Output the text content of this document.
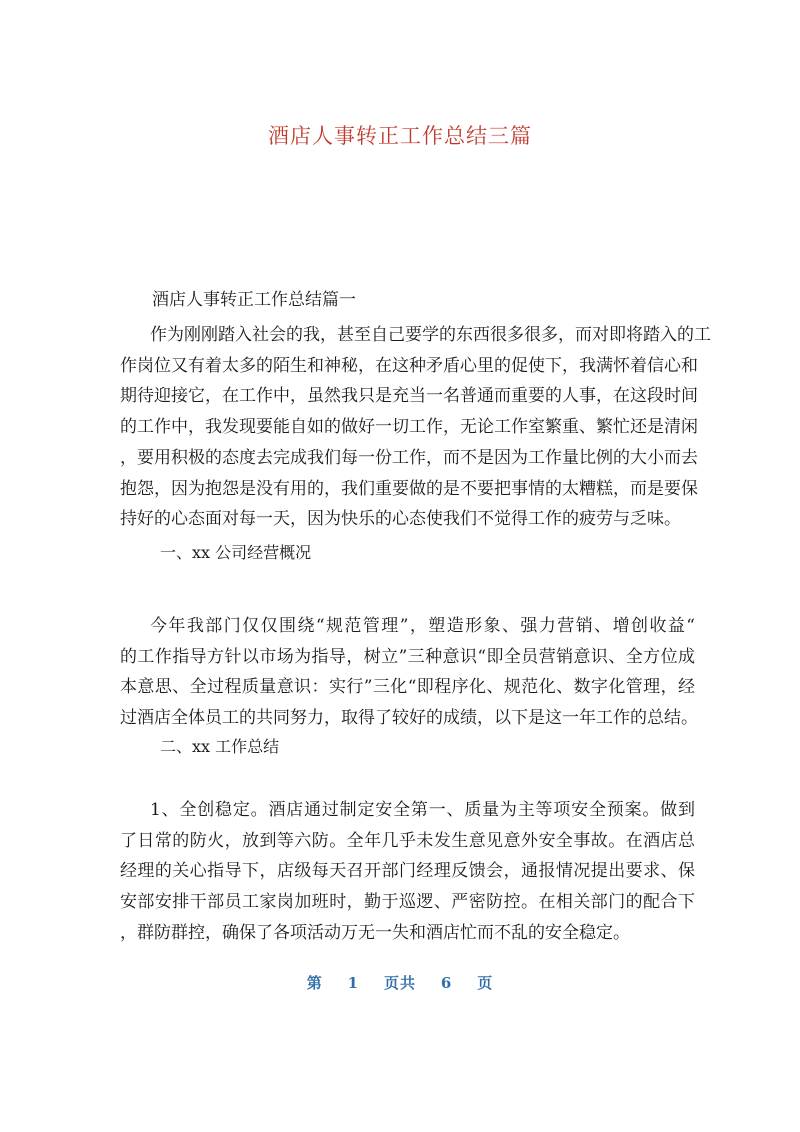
酒店人事转正工作总结三篇
酒店人事转正工作总结篇一
作为刚刚踏入社会的我，甚至自己要学的东西很多很多，而对即将踏入的工
作岗位又有着太多的陌生和神秘，在这种矛盾心里的促使下，我满怀着信心和
期待迎接它，在工作中，虽然我只是充当一名普通而重要的人事，在这段时间
的工作中，我发现要能自如的做好一切工作，无论工作室繁重、繁忙还是清闲
，要用积极的态度去完成我们每一份工作，而不是因为工作量比例的大小而去
抱怨，因为抱怨是没有用的，我们重要做的是不要把事情的太糟糕，而是要保
持好的心态面对每一天，因为快乐的心态使我们不觉得工作的疲劳与乏味。
一、xx 公司经营概况
今年我部门仅仅围绕“规范管理”，塑造形象、强力营销、增创收益“
的工作指导方针以市场为指导，树立”三种意识“即全员营销意识、全方位成
本意思、全过程质量意识：实行”三化“即程序化、规范化、数字化管理，经
过酒店全体员工的共同努力，取得了较好的成绩，以下是这一年工作的总结。
二、xx 工作总结
1、全创稳定。酒店通过制定安全第一、质量为主等项安全预案。做到
了日常的防火，放到等六防。全年几乎未发生意见意外安全事故。在酒店总
经理的关心指导下，店级每天召开部门经理反馈会，通报情况提出要求、保
安部安排干部员工家岗加班时，勤于巡逻、严密防控。在相关部门的配合下
，群防群控，确保了各项活动万无一失和酒店忙而不乱的安全稳定。
第    1    页共    6    页
